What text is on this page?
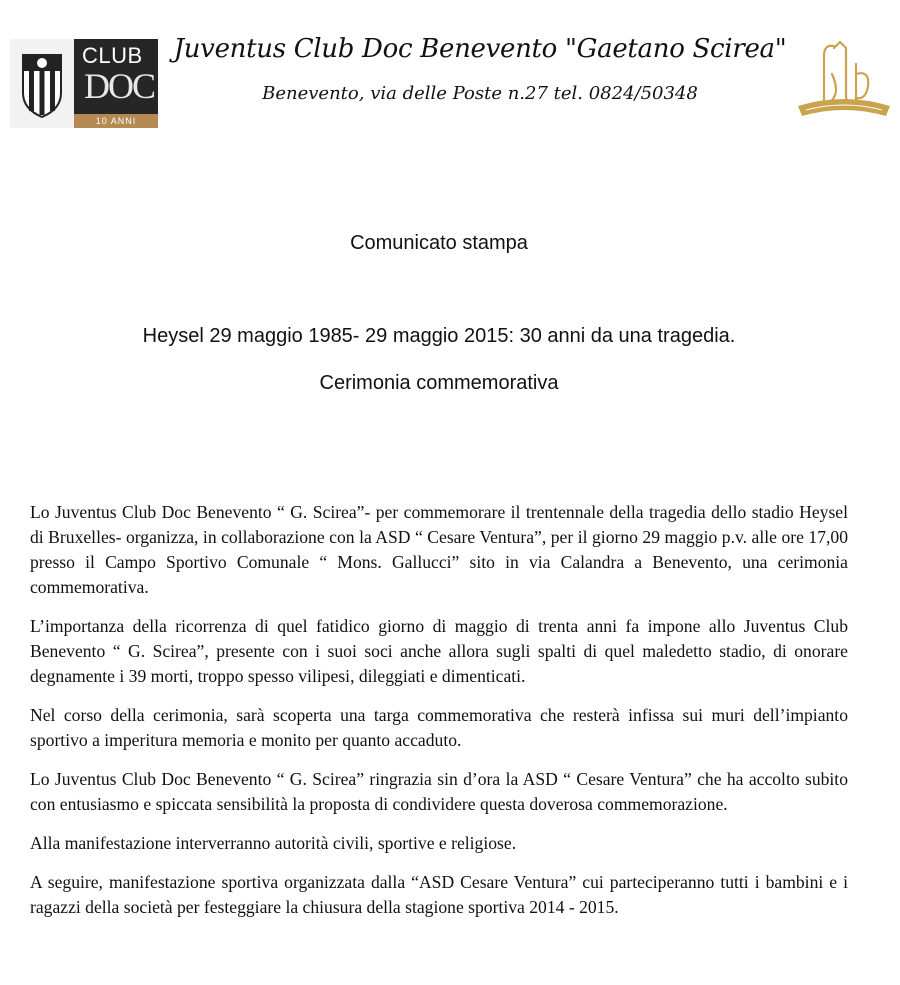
CLUB
DOC
10 ANNI
Juventus Club Doc Benevento "Gaetano Scirea"
Benevento, via delle Poste n.27 tel. 0824/50348
Comunicato stampa
Heysel 29 maggio 1985- 29 maggio 2015: 30 anni da una tragedia.
Cerimonia commemorativa

Lo Juventus Club Doc Benevento “ G. Scirea”- per commemorare il trentennale della tragedia dello stadio Heysel di Bruxelles- organizza, in collaborazione con la ASD “ Cesare Ventura”, per il giorno 29 maggio p.v. alle ore 17,00 presso il Campo Sportivo Comunale “ Mons. Gallucci” sito in via Calandra a Benevento, una cerimonia commemorativa.

L’importanza della ricorrenza di quel fatidico giorno di maggio di trenta anni fa impone allo Juventus Club Benevento “ G. Scirea”, presente con i suoi soci anche allora sugli spalti di quel maledetto stadio, di onorare degnamente i 39 morti, troppo spesso vilipesi, dileggiati e dimenticati.

Nel corso della cerimonia, sarà scoperta una targa commemorativa che resterà infissa sui muri dell’impianto sportivo a imperitura memoria e monito per quanto accaduto.

Lo Juventus Club Doc Benevento “ G. Scirea” ringrazia sin d’ora la ASD “ Cesare Ventura” che ha accolto subito con entusiasmo e spiccata sensibilità la proposta di condividere questa doverosa commemorazione.

Alla manifestazione interverranno autorità civili, sportive e religiose.

A seguire, manifestazione sportiva organizzata dalla “ASD Cesare Ventura” cui parteciperanno tutti i bambini e i ragazzi della società per festeggiare la chiusura della stagione sportiva 2014 - 2015.
